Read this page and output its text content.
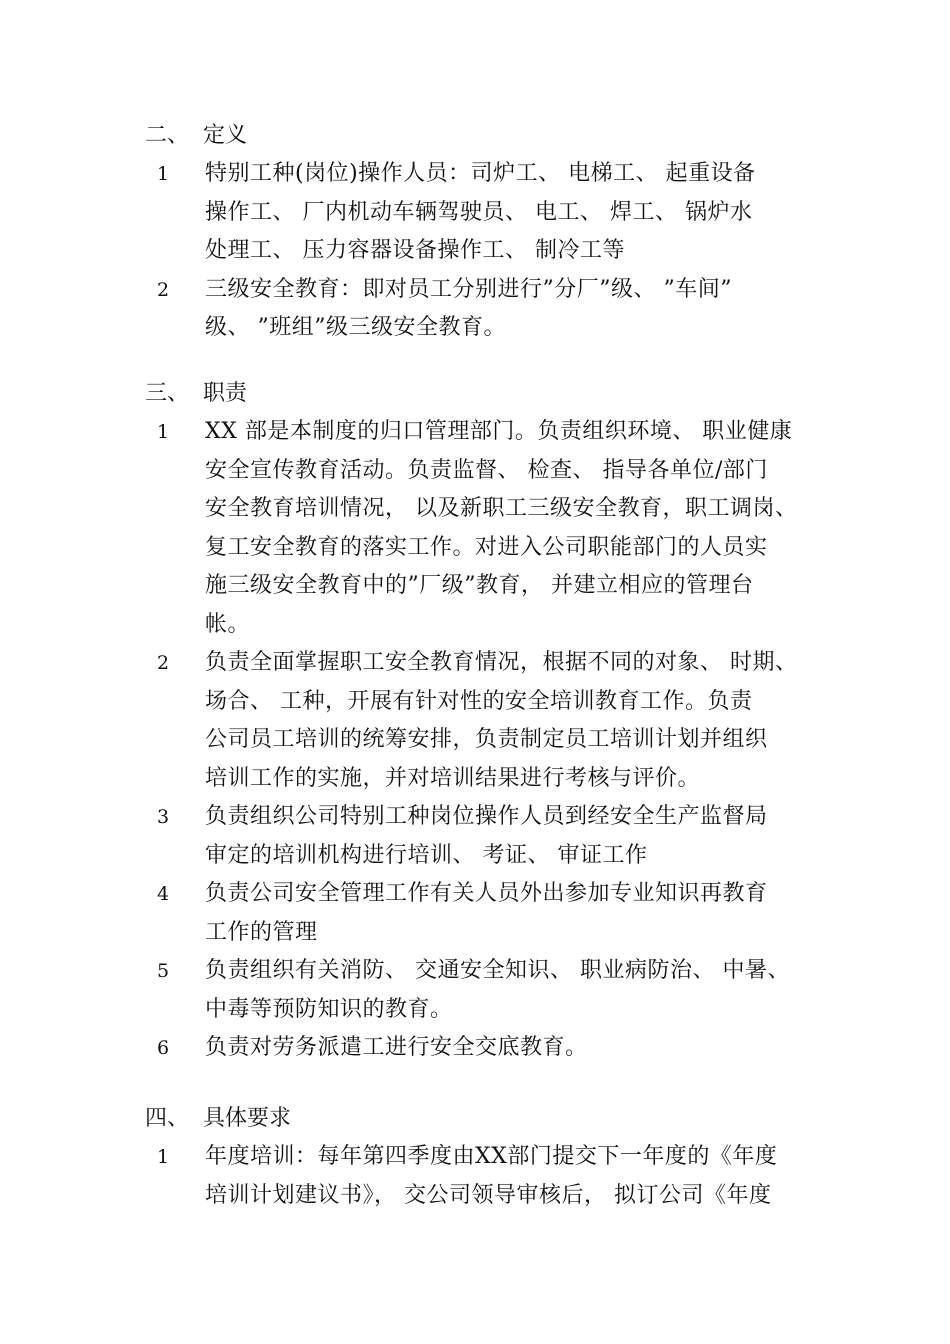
二、 定义
1 特别工种(岗位)操作人员：司炉工、 电梯工、 起重设备
操作工、 厂内机动车辆驾驶员、 电工、 焊工、 锅炉水
处理工、 压力容器设备操作工、 制冷工等
2 三级安全教育：即对员工分别进行”分厂”级、 ”车间”
级、 ”班组”级三级安全教育。
三、 职责
1 XX 部是本制度的归口管理部门。负责组织环境、 职业健康
安全宣传教育活动。负责监督、 检查、 指导各单位/部门
安全教育培训情况， 以及新职工三级安全教育，职工调岗、
复工安全教育的落实工作。对进入公司职能部门的人员实
施三级安全教育中的”厂级”教育， 并建立相应的管理台
帐。
2 负责全面掌握职工安全教育情况，根据不同的对象、 时期、
场合、 工种，开展有针对性的安全培训教育工作。负责
公司员工培训的统筹安排，负责制定员工培训计划并组织
培训工作的实施，并对培训结果进行考核与评价。
3 负责组织公司特别工种岗位操作人员到经安全生产监督局
审定的培训机构进行培训、 考证、 审证工作
4 负责公司安全管理工作有关人员外出参加专业知识再教育
工作的管理
5 负责组织有关消防、 交通安全知识、 职业病防治、 中暑、
中毒等预防知识的教育。
6 负责对劳务派遣工进行安全交底教育。
四、 具体要求
1 年度培训：每年第四季度由XX部门提交下一年度的《年度
培训计划建议书》， 交公司领导审核后， 拟订公司《年度
